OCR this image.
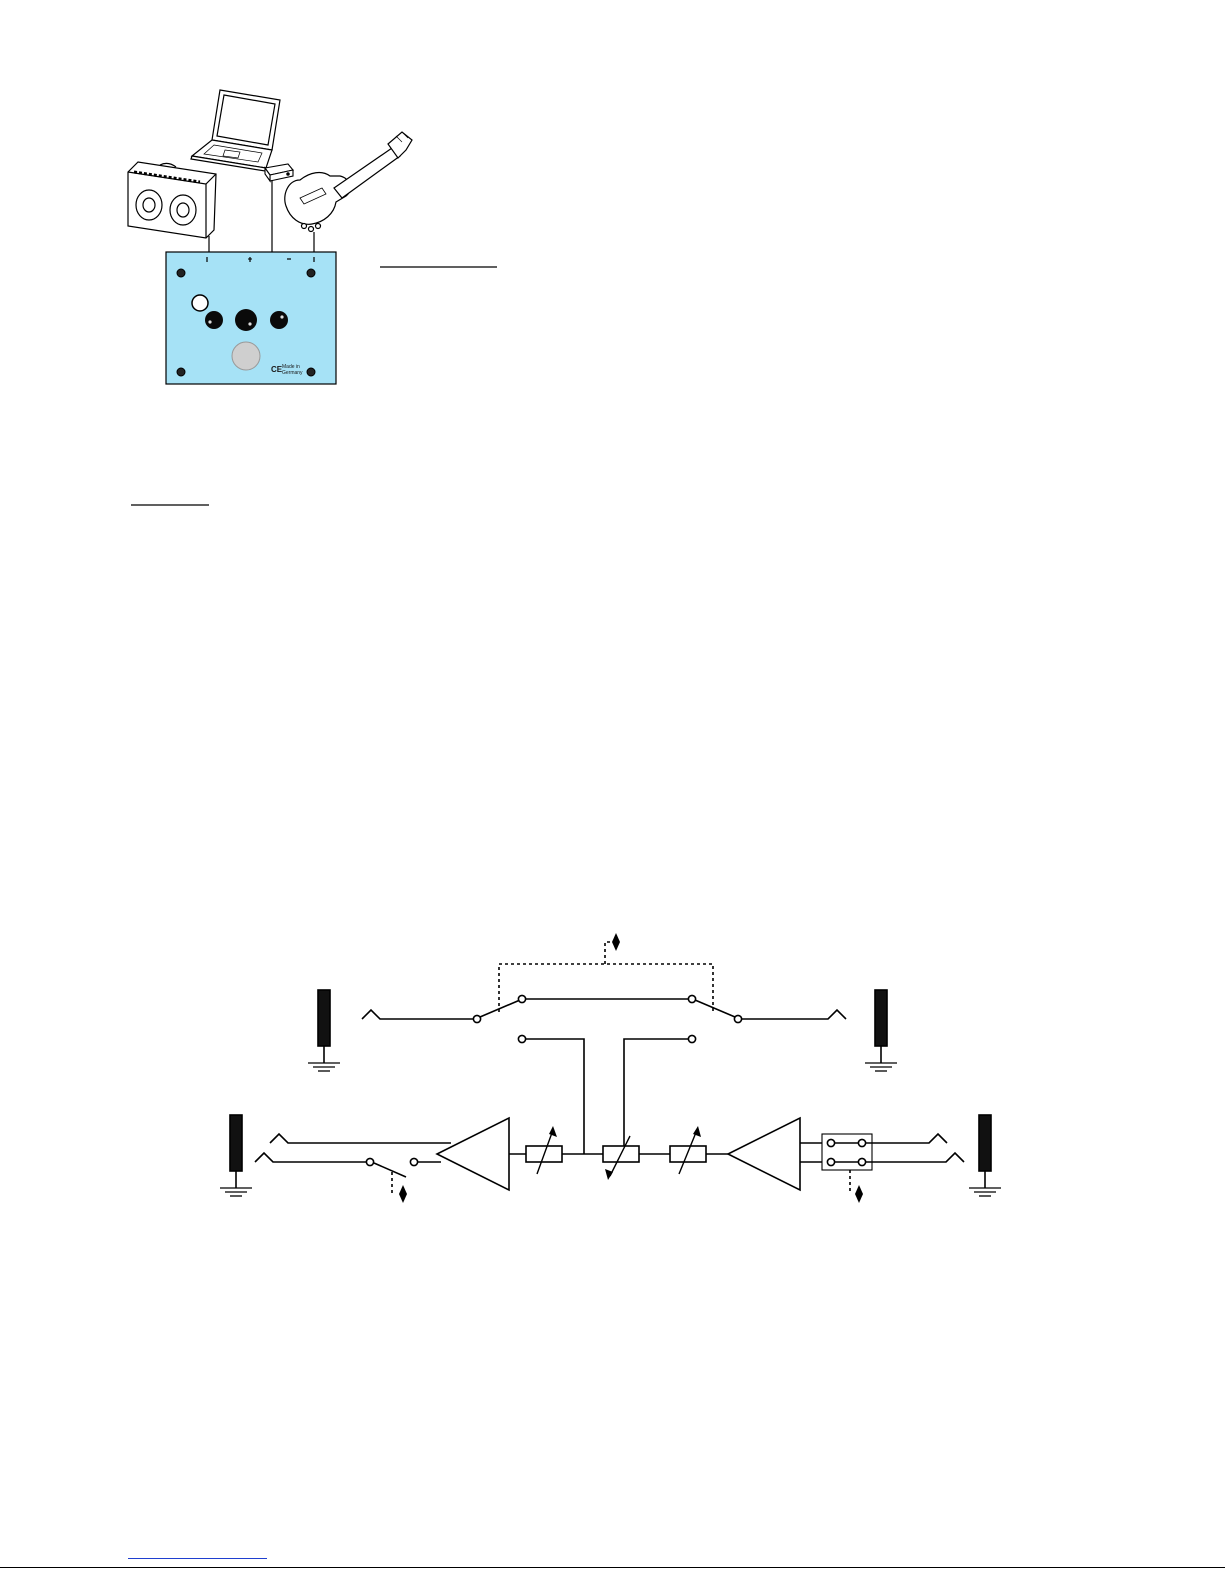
CE Made in
Germany
